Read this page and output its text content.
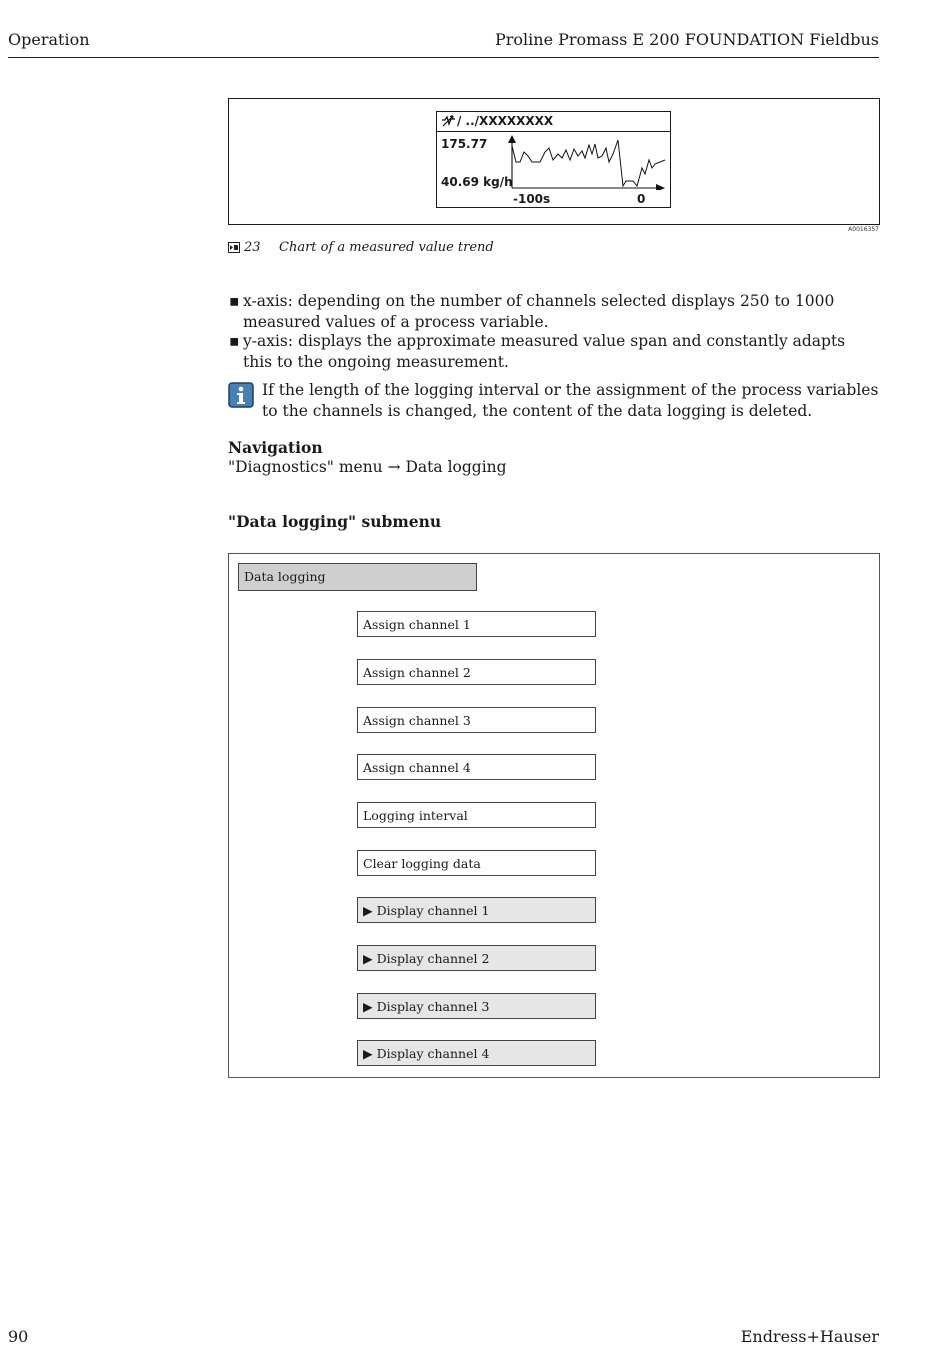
Operation	Proline Promass E 200 FOUNDATION Fieldbus
/ ../XXXXXXXX
175.77
40.69 kg/h
-100s	0
A0016357
23 Chart of a measured value trend
▪ x-axis: depending on the number of channels selected displays 250 to 1000 measured values of a process variable.
▪ y-axis: displays the approximate measured value span and constantly adapts this to the ongoing measurement.
If the length of the logging interval or the assignment of the process variables to the channels is changed, the content of the data logging is deleted.
Navigation
"Diagnostics" menu → Data logging
"Data logging" submenu
Data logging
Assign channel 1
Assign channel 2
Assign channel 3
Assign channel 4
Logging interval
Clear logging data
▶ Display channel 1
▶ Display channel 2
▶ Display channel 3
▶ Display channel 4
90	Endress+Hauser
